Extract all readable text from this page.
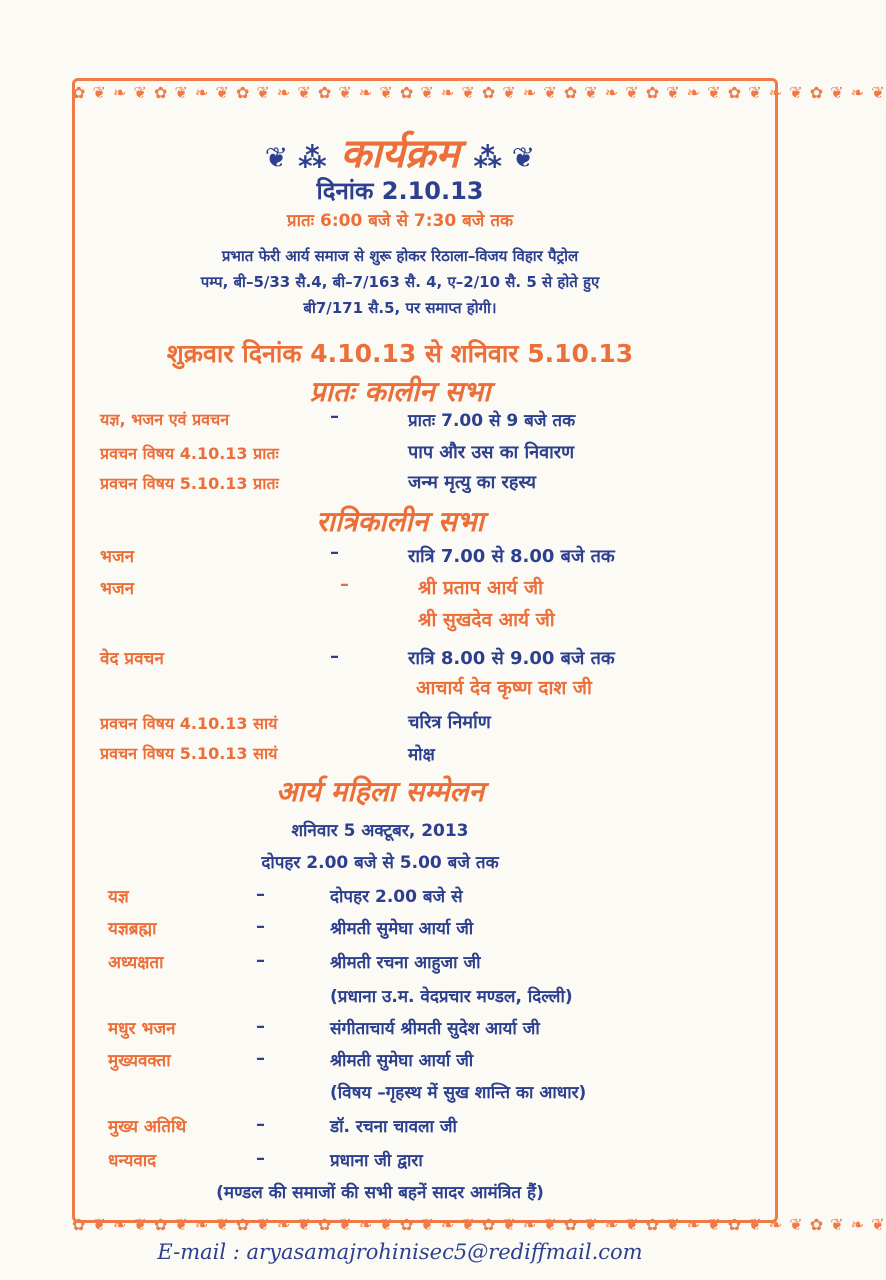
✿ ❦ ❧ ❦ ✿ ❦ ❧ ❦ ✿ ❦ ❧ ❦ ✿ ❦ ❧ ❦ ✿ ❦ ❧ ❦ ✿ ❦ ❧ ❦ ✿ ❦ ❧ ❦ ✿ ❦ ❧ ❦ ✿ ❦ ❧ ❦ ✿ ❦ ❧ ❦
✿ ❦ ❧ ❦ ✿ ❦ ❧ ❦ ✿ ❦ ❧ ❦ ✿ ❦ ❧ ❦ ✿ ❦ ❧ ❦ ✿ ❦ ❧ ❦ ✿ ❦ ❧ ❦ ✿ ❦ ❧ ❦ ✿ ❦ ❧ ❦ ✿ ❦ ❧ ❦
❦ ⁂ कार्यक्रम ⁂ ❦
दिनांक 2.10.13
प्रातः 6:00 बजे से 7:30 बजे तक
प्रभात फेरी आर्य समाज से शुरू होकर रिठाला–विजय विहार पैट्रोल
पम्प, बी–5/33 सै.4, बी–7/163 सै. 4, ए–2/10 सै. 5 से होते हुए
बी7/171 सै.5, पर समाप्त होगी।
शुक्रवार दिनांक 4.10.13 से शनिवार 5.10.13
प्रातः कालीन सभा
यज्ञ, भजन एवं प्रवचन	–	प्रातः 7.00 से 9 बजे तक
प्रवचन विषय 4.10.13 प्रातः	पाप और उस का निवारण
प्रवचन विषय 5.10.13 प्रातः	जन्म मृत्यु का रहस्य
रात्रिकालीन सभा
भजन	–	रात्रि 7.00 से 8.00 बजे तक
भजन	–	श्री प्रताप आर्य जी
श्री सुखदेव आर्य जी
वेद प्रवचन	–	रात्रि 8.00 से 9.00 बजे तक
आचार्य देव कृष्ण दाश जी
प्रवचन विषय 4.10.13 सायं	चरित्र निर्माण
प्रवचन विषय 5.10.13 सायं	मोक्ष
आर्य महिला सम्मेलन
शनिवार 5 अक्टूबर, 2013
दोपहर 2.00 बजे से 5.00 बजे तक
यज्ञ	–	दोपहर 2.00 बजे से
यज्ञब्रह्मा	–	श्रीमती सुमेघा आर्या जी
अध्यक्षता	–	श्रीमती रचना आहुजा जी
(प्रधाना उ.म. वेदप्रचार मण्डल, दिल्ली)
मधुर भजन	–	संगीताचार्य श्रीमती सुदेश आर्या जी
मुख्यवक्ता	–	श्रीमती सुमेघा आर्या जी
(विषय –गृहस्थ में सुख शान्ति का आधार)
मुख्य अतिथि	–	डॉ. रचना चावला जी
धन्यवाद	–	प्रधाना जी द्वारा
(मण्डल की समाजों की सभी बहनें सादर आमंत्रित हैं)
E-mail : aryasamajrohinisec5@rediffmail.com
